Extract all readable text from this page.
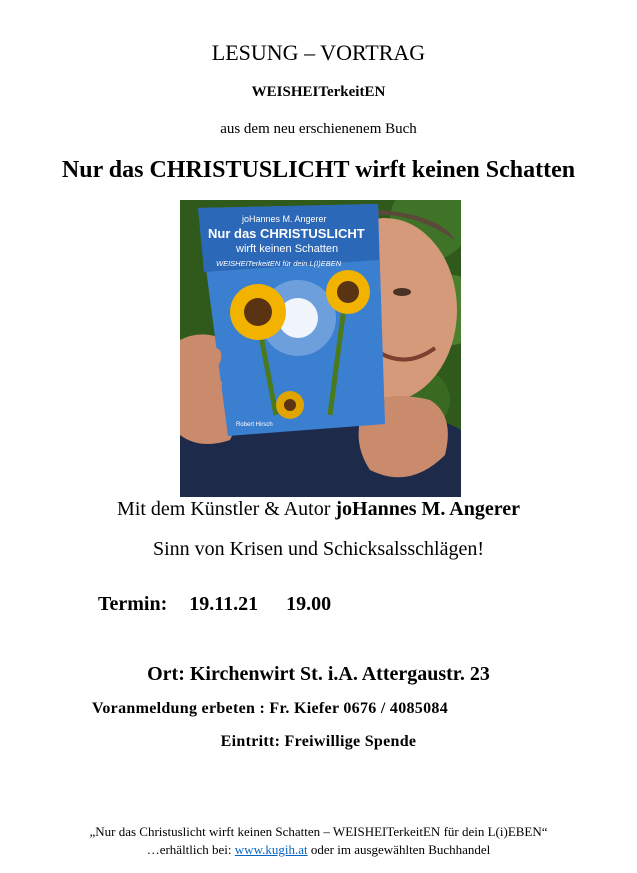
LESUNG – VORTRAG
WEISHEITerkeitEN
aus dem neu erschienenem Buch
Nur das CHRISTUSLICHT wirft keinen Schatten
joHannes M. Angerer
Nur das CHRISTUSLICHT
wirft keinen Schatten
WEISHEITerkeitEN für dein L(I)EBEN
Robert Hirsch
Mit dem Künstler & Autor joHannes M. Angerer
Sinn von Krisen und Schicksalsschlägen!
Termin: 19.11.21 19.00
Ort: Kirchenwirt St. i.A. Attergaustr. 23
Voranmeldung erbeten : Fr. Kiefer 0676 / 4085084
Eintritt: Freiwillige Spende
„Nur das Christuslicht wirft keinen Schatten – WEISHEITerkeitEN für dein L(i)EBEN“
…erhältlich bei: www.kugih.at oder im ausgewählten Buchhandel
